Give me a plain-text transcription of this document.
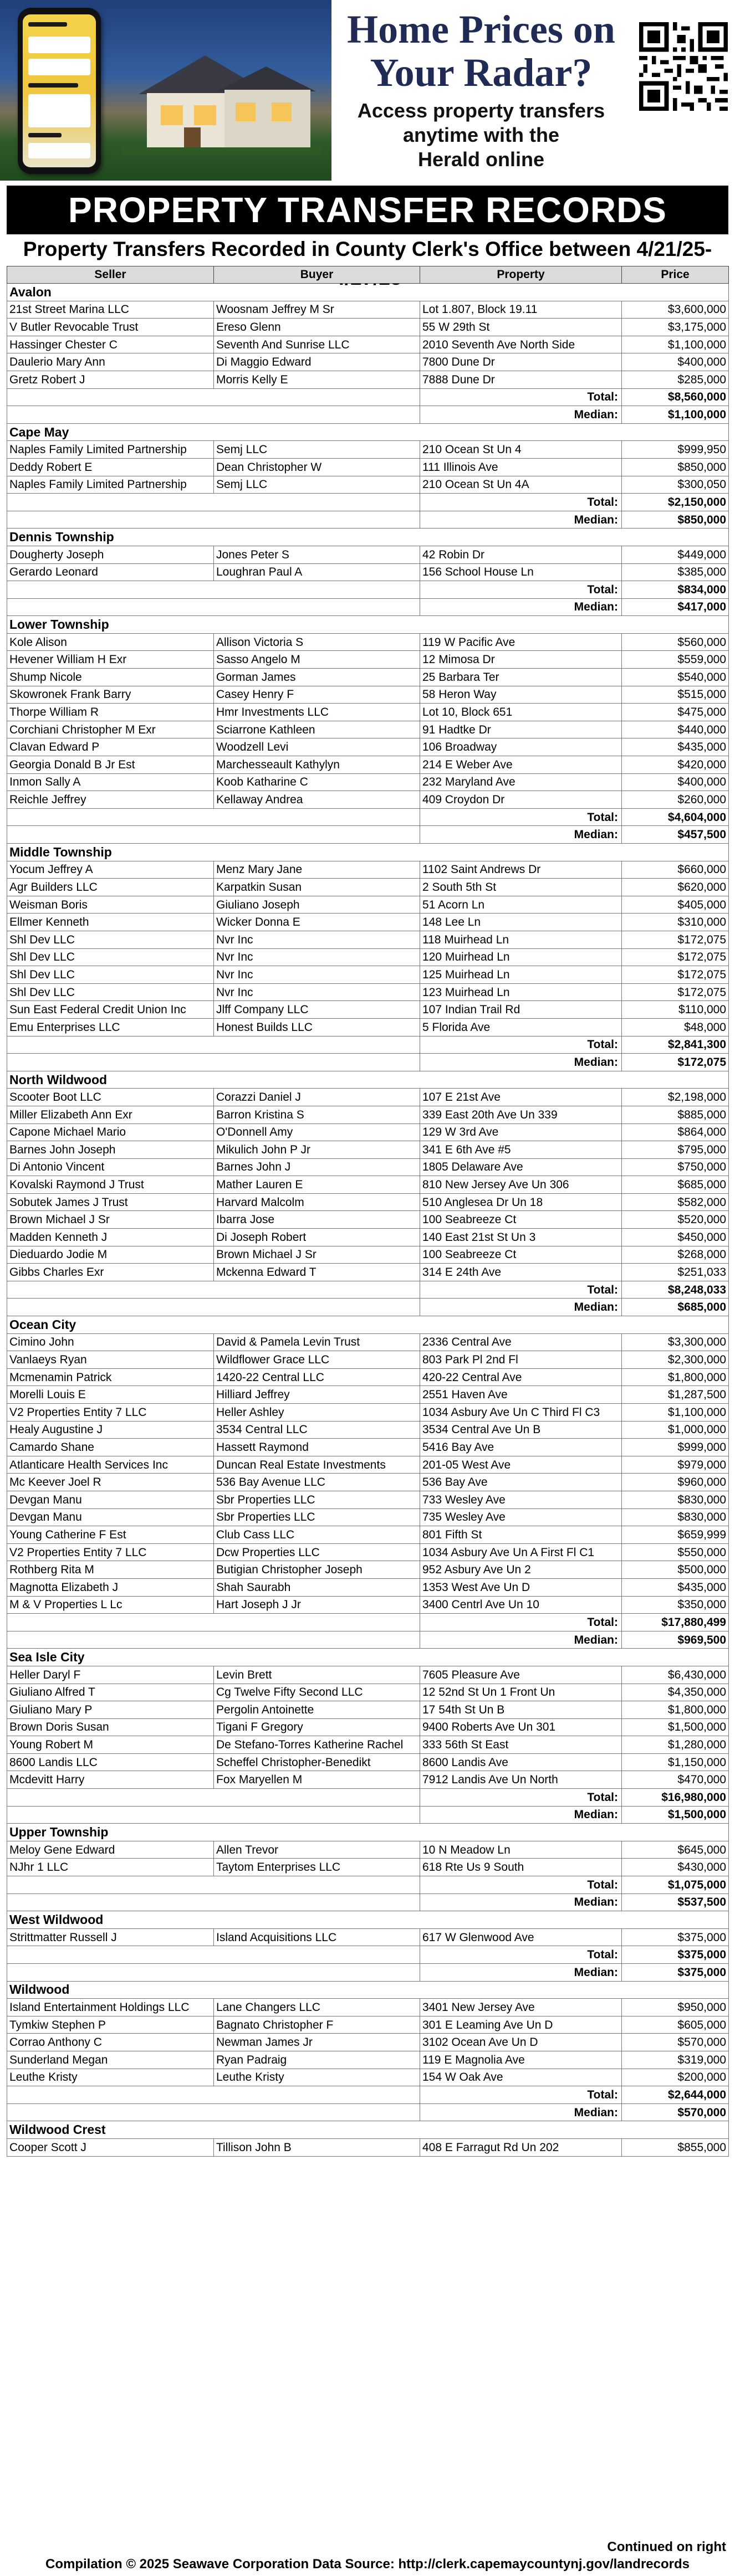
Home Prices on
Your Radar?
Access property transfers
anytime with the
Herald online
PROPERTY TRANSFER RECORDS
Property Transfers Recorded in County Clerk's Office between 4/21/25-
Seller	Buyer	Property	Price
Avalon			
21st Street Marina LLC	Woosnam Jeffrey M Sr	Lot 1.807, Block 19.11	$3,600,000
V Butler Revocable Trust	Ereso Glenn	55 W 29th St	$3,175,000
Hassinger Chester C	Seventh And Sunrise LLC	2010 Seventh Ave North Side	$1,100,000
Daulerio Mary Ann	Di Maggio Edward	7800 Dune Dr	$400,000
Gretz Robert J	Morris Kelly E	7888 Dune Dr	$285,000
		Total:	$8,560,000
		Median:	$1,100,000
Cape May			
Naples Family Limited Partnership	Semj LLC	210 Ocean St Un 4	$999,950
Deddy Robert E	Dean Christopher W	111 Illinois Ave	$850,000
Naples Family Limited Partnership	Semj LLC	210 Ocean St Un 4A	$300,050
		Total:	$2,150,000
		Median:	$850,000
Dennis Township			
Dougherty Joseph	Jones Peter S	42 Robin Dr	$449,000
Gerardo Leonard	Loughran Paul A	156 School House Ln	$385,000
		Total:	$834,000
		Median:	$417,000
Lower Township			
Kole Alison	Allison Victoria S	119 W Pacific Ave	$560,000
Hevener William H Exr	Sasso Angelo M	12 Mimosa Dr	$559,000
Shump Nicole	Gorman James	25 Barbara Ter	$540,000
Skowronek Frank Barry	Casey Henry F	58 Heron Way	$515,000
Thorpe William R	Hmr Investments LLC	Lot 10, Block 651	$475,000
Corchiani Christopher M Exr	Sciarrone Kathleen	91 Hadtke Dr	$440,000
Clavan Edward P	Woodzell Levi	106 Broadway	$435,000
Georgia Donald B Jr Est	Marchesseault Kathylyn	214 E Weber Ave	$420,000
Inmon Sally A	Koob Katharine C	232 Maryland Ave	$400,000
Reichle Jeffrey	Kellaway Andrea	409 Croydon Dr	$260,000
		Total:	$4,604,000
		Median:	$457,500
Middle Township			
Yocum Jeffrey A	Menz Mary Jane	1102 Saint Andrews Dr	$660,000
Agr Builders LLC	Karpatkin Susan	2 South 5th St	$620,000
Weisman Boris	Giuliano Joseph	51 Acorn Ln	$405,000
Ellmer Kenneth	Wicker Donna E	148 Lee Ln	$310,000
Shl Dev LLC	Nvr Inc	118 Muirhead Ln	$172,075
Shl Dev LLC	Nvr Inc	120 Muirhead Ln	$172,075
Shl Dev LLC	Nvr Inc	125 Muirhead Ln	$172,075
Shl Dev LLC	Nvr Inc	123 Muirhead Ln	$172,075
Sun East Federal Credit Union Inc	Jlff Company LLC	107 Indian Trail Rd	$110,000
Emu Enterprises LLC	Honest Builds LLC	5 Florida Ave	$48,000
		Total:	$2,841,300
		Median:	$172,075
North Wildwood			
Scooter Boot LLC	Corazzi Daniel J	107 E 21st Ave	$2,198,000
Miller Elizabeth Ann Exr	Barron Kristina S	339 East 20th Ave Un 339	$885,000
Capone Michael Mario	O'Donnell Amy	129 W 3rd Ave	$864,000
Barnes John Joseph	Mikulich John P Jr	341 E 6th Ave #5	$795,000
Di Antonio Vincent	Barnes John J	1805 Delaware Ave	$750,000
Kovalski Raymond J Trust	Mather Lauren E	810 New Jersey Ave Un 306	$685,000
Sobutek James J Trust	Harvard Malcolm	510 Anglesea Dr Un 18	$582,000
Brown Michael J Sr	Ibarra Jose	100 Seabreeze Ct	$520,000
Madden Kenneth J	Di Joseph Robert	140 East 21st St Un 3	$450,000
Dieduardo Jodie M	Brown Michael J Sr	100 Seabreeze Ct	$268,000
Gibbs Charles Exr	Mckenna Edward T	314 E 24th Ave	$251,033
		Total:	$8,248,033
		Median:	$685,000
Ocean City			
Cimino John	David & Pamela Levin Trust	2336 Central Ave	$3,300,000
Vanlaeys Ryan	Wildflower Grace LLC	803 Park Pl 2nd Fl	$2,300,000
Mcmenamin Patrick	1420-22 Central LLC	420-22 Central Ave	$1,800,000
Morelli Louis E	Hilliard Jeffrey	2551 Haven Ave	$1,287,500
V2 Properties Entity 7 LLC	Heller Ashley	1034 Asbury Ave Un C Third Fl C3	$1,100,000
Healy Augustine J	3534 Central LLC	3534 Central Ave Un B	$1,000,000
Camardo Shane	Hassett Raymond	5416 Bay Ave	$999,000
Atlanticare Health Services Inc	Duncan Real Estate Investments	201-05 West Ave	$979,000
Mc Keever Joel R	536 Bay Avenue LLC	536 Bay Ave	$960,000
Devgan Manu	Sbr Properties LLC	733 Wesley Ave	$830,000
Devgan Manu	Sbr Properties LLC	735 Wesley Ave	$830,000
Young Catherine F Est	Club Cass LLC	801 Fifth St	$659,999
V2 Properties Entity 7 LLC	Dcw Properties LLC	1034 Asbury Ave Un A First Fl C1	$550,000
Rothberg Rita M	Butigian Christopher Joseph	952 Asbury Ave Un 2	$500,000
Magnotta Elizabeth J	Shah Saurabh	1353 West Ave Un D	$435,000
M & V Properties L Lc	Hart Joseph J Jr	3400 Centrl Ave Un 10	$350,000
		Total:	$17,880,499
		Median:	$969,500
Sea Isle City			
Heller Daryl F	Levin Brett	7605 Pleasure Ave	$6,430,000
Giuliano Alfred T	Cg Twelve Fifty Second LLC	12 52nd St Un 1 Front Un	$4,350,000
Giuliano Mary P	Pergolin Antoinette	17 54th St Un B	$1,800,000
Brown Doris Susan	Tigani F Gregory	9400 Roberts Ave Un 301	$1,500,000
Young Robert M	De Stefano-Torres Katherine Rachel	333 56th St East	$1,280,000
8600 Landis LLC	Scheffel Christopher-Benedikt	8600 Landis Ave	$1,150,000
Mcdevitt Harry	Fox Maryellen M	7912 Landis Ave Un North	$470,000
		Total:	$16,980,000
		Median:	$1,500,000
Upper Township			
Meloy Gene Edward	Allen Trevor	10 N Meadow Ln	$645,000
NJhr 1 LLC	Taytom Enterprises LLC	618 Rte Us 9 South	$430,000
		Total:	$1,075,000
		Median:	$537,500
West Wildwood			
Strittmatter Russell J	Island Acquisitions LLC	617 W Glenwood Ave	$375,000
		Total:	$375,000
		Median:	$375,000
Wildwood			
Island Entertainment Holdings LLC	Lane Changers LLC	3401 New Jersey Ave	$950,000
Tymkiw Stephen P	Bagnato Christopher F	301 E Leaming Ave Un D	$605,000
Corrao Anthony C	Newman James Jr	3102 Ocean Ave Un D	$570,000
Sunderland Megan	Ryan Padraig	119 E Magnolia Ave	$319,000
Leuthe Kristy	Leuthe Kristy	154 W Oak Ave	$200,000
		Total:	$2,644,000
		Median:	$570,000
Wildwood Crest			
Cooper Scott J	Tillison John B	408 E Farragut Rd Un 202	$855,000
Continued on right
Compilation © 2025 Seawave Corporation Data Source: http://clerk.capemaycountynj.gov/landrecords
